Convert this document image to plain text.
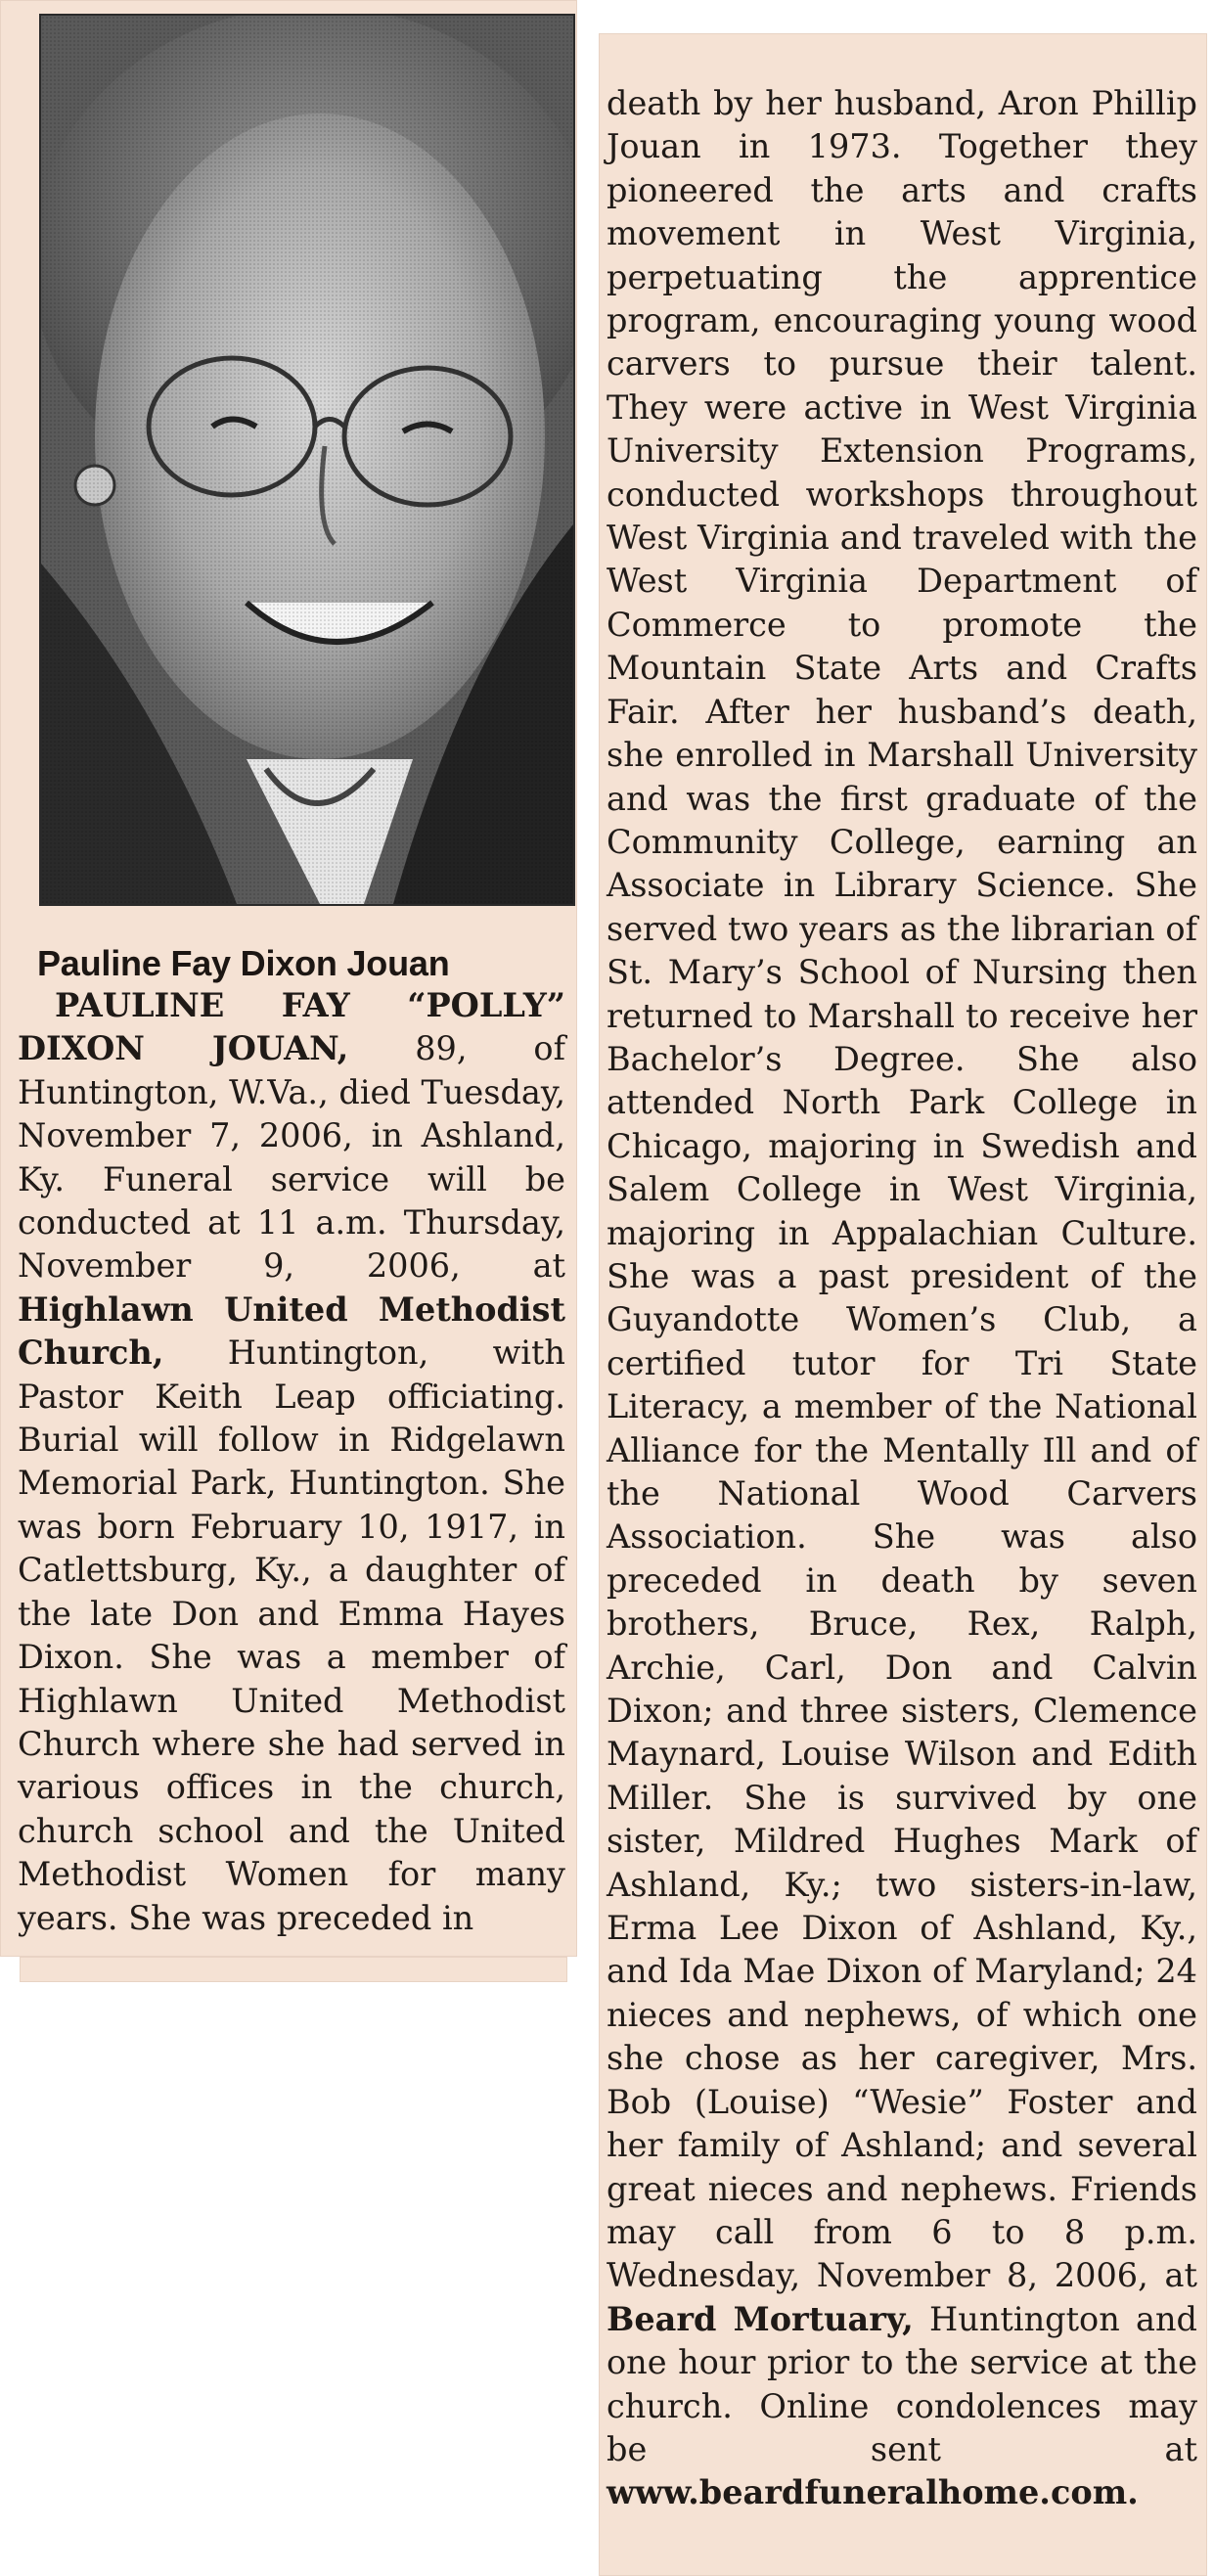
Pauline Fay Dixon Jouan
PAULINE FAY “POLLY” DIXON JOUAN, 89, of Huntington, W.Va., died Tuesday, November 7, 2006, in Ashland, Ky. Funeral service will be conducted at 11 a.m. Thursday, November 9, 2006, at Highlawn United Methodist Church, Huntington, with Pastor Keith Leap officiating. Burial will follow in Ridgelawn Memorial Park, Huntington. She was born February 10, 1917, in Catlettsburg, Ky., a daughter of the late Don and Emma Hayes Dixon. She was a member of Highlawn United Methodist Church where she had served in various offices in the church, church school and the United Methodist Women for many years. She was preceded in
death by her husband, Aron Phillip Jouan in 1973. Together they pioneered the arts and crafts movement in West Virginia, perpetuating the apprentice program, encouraging young wood carvers to pursue their talent. They were active in West Virginia University Extension Programs, conducted workshops throughout West Virginia and traveled with the West Virginia Department of Commerce to promote the Mountain State Arts and Crafts Fair. After her husband’s death, she enrolled in Marshall University and was the first graduate of the Community College, earning an Associate in Library Science. She served two years as the librarian of St. Mary’s School of Nursing then returned to Marshall to receive her Bachelor’s Degree. She also attended North Park College in Chicago, majoring in Swedish and Salem College in West Virginia, majoring in Appalachian Culture. She was a past president of the Guyandotte Women’s Club, a certified tutor for Tri State Literacy, a member of the National Alliance for the Mentally Ill and of the National Wood Carvers Association. She was also preceded in death by seven brothers, Bruce, Rex, Ralph, Archie, Carl, Don and Calvin Dixon; and three sisters, Clemence Maynard, Louise Wilson and Edith Miller. She is survived by one sister, Mildred Hughes Mark of Ashland, Ky.; two sisters-in-law, Erma Lee Dixon of Ashland, Ky., and Ida Mae Dixon of Maryland; 24 nieces and nephews, of which one she chose as her caregiver, Mrs. Bob (Louise) “Wesie” Foster and her family of Ashland; and several great nieces and nephews. Friends may call from 6 to 8 p.m. Wednesday, November 8, 2006, at Beard Mortuary, Huntington and one hour prior to the service at the church. Online condolences may be sent at www.beardfuneralhome.com.
